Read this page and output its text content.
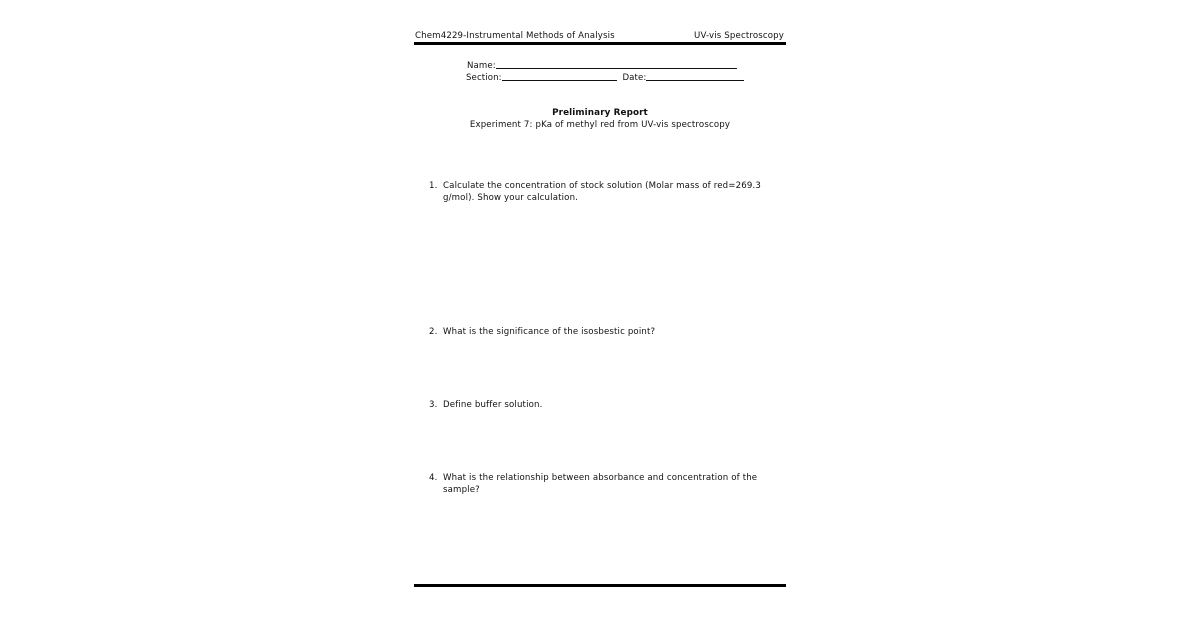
Chem4229-Instrumental Methods of Analysis	UV-vis Spectroscopy
Name:
Section:	Date:
Preliminary Report
Experiment 7: pKa of methyl red from UV-vis spectroscopy
1. Calculate the concentration of stock solution (Molar mass of red=269.3 g/mol). Show your calculation.
2. What is the significance of the isosbestic point?
3. Define buffer solution.
4. What is the relationship between absorbance and concentration of the sample?
